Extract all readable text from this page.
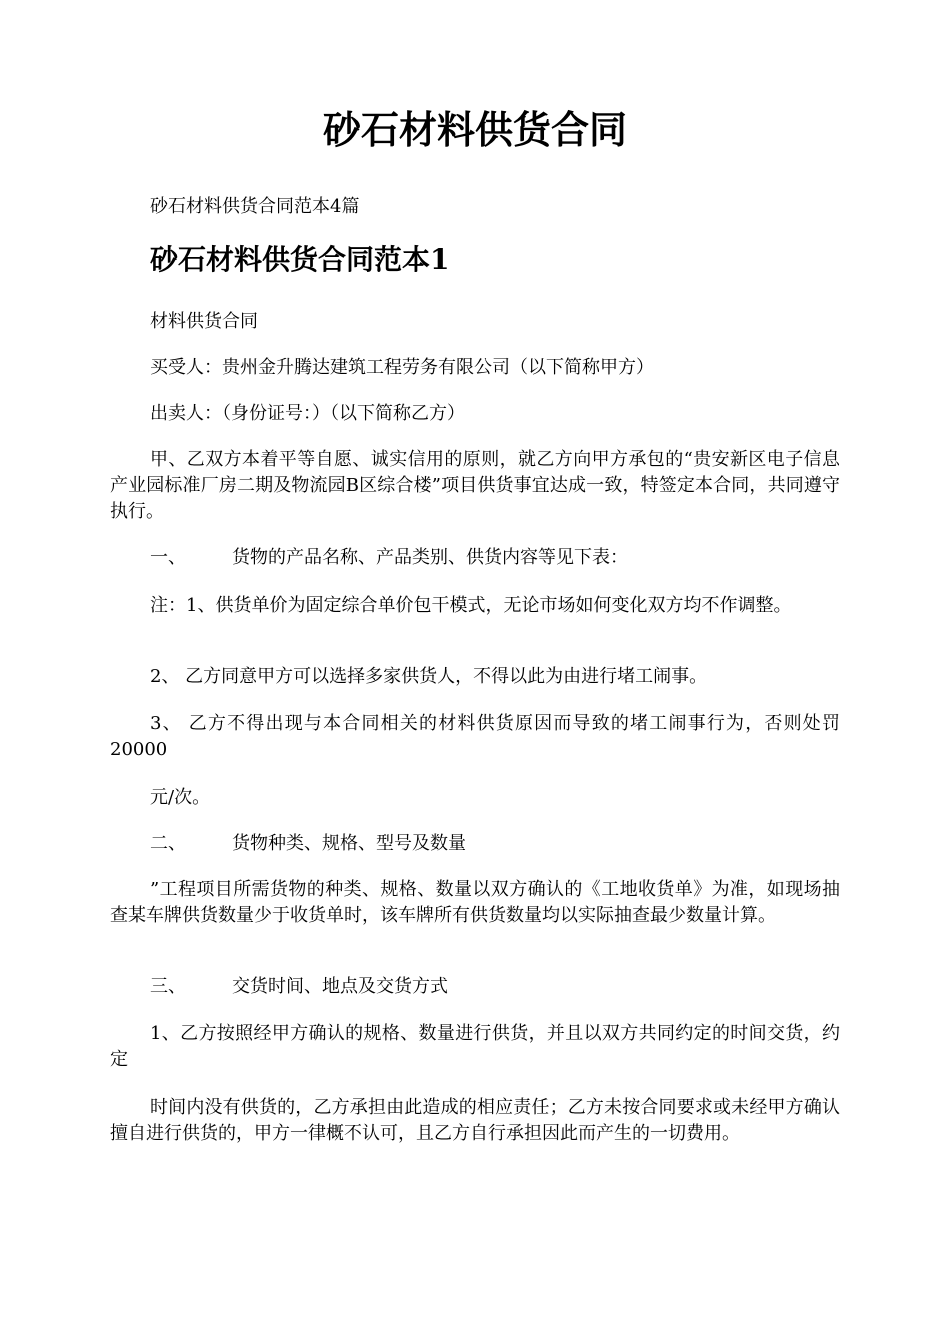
砂石材料供货合同

砂石材料供货合同范本4篇

砂石材料供货合同范本1

材料供货合同

买受人：贵州金升腾达建筑工程劳务有限公司（以下简称甲方）

出卖人：（身份证号：）（以下简称乙方）

甲、乙双方本着平等自愿、诚实信用的原则，就乙方向甲方承包的“贵安新区电子信息产业园标准厂房二期及物流园B区综合楼”项目供货事宜达成一致，特签定本合同，共同遵守执行。

一、	货物的产品名称、产品类别、供货内容等见下表：

注：1、供货单价为固定综合单价包干模式，无论市场如何变化双方均不作调整。

2、 乙方同意甲方可以选择多家供货人，不得以此为由进行堵工闹事。

3、 乙方不得出现与本合同相关的材料供货原因而导致的堵工闹事行为，否则处罚20000

元/次。

二、	货物种类、规格、型号及数量

”工程项目所需货物的种类、规格、数量以双方确认的《工地收货单》为准，如现场抽查某车牌供货数量少于收货单时，该车牌所有供货数量均以实际抽查最少数量计算。

三、	交货时间、地点及交货方式

1、乙方按照经甲方确认的规格、数量进行供货，并且以双方共同约定的时间交货，约定

时间内没有供货的，乙方承担由此造成的相应责任；乙方未按合同要求或未经甲方确认擅自进行供货的，甲方一律概不认可，且乙方自行承担因此而产生的一切费用。
